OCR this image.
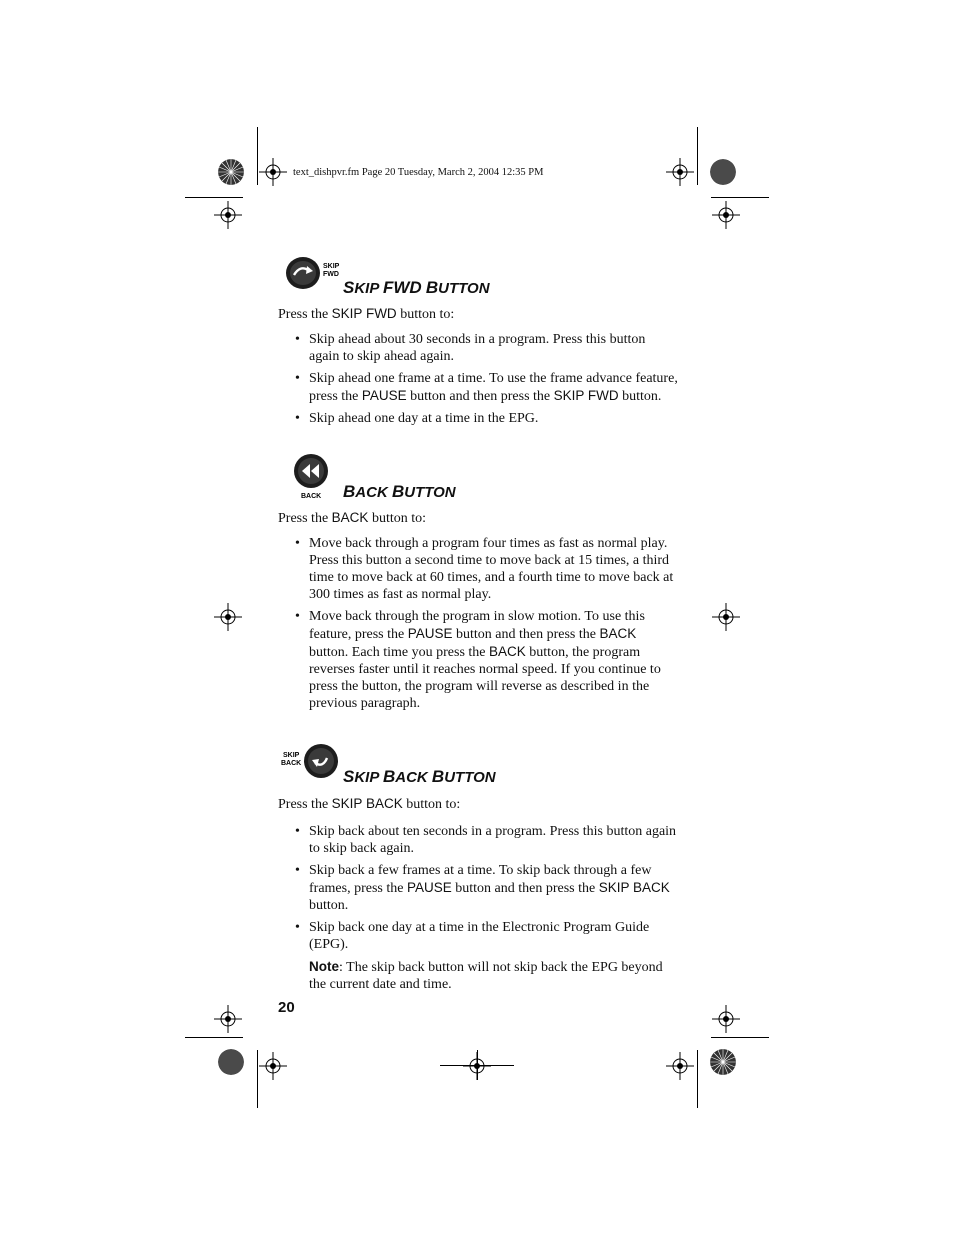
text_dishpvr.fm Page 20 Tuesday, March 2, 2004 12:35 PM
SKIP
FWD
SKIP FWD BUTTON
Press the SKIP FWD button to:
• Skip ahead about 30 seconds in a program. Press this button again to skip ahead again.
• Skip ahead one frame at a time. To use the frame advance feature, press the PAUSE button and then press the SKIP FWD button.
• Skip ahead one day at a time in the EPG.
BACK BACK BUTTON
Press the BACK button to:
• Move back through a program four times as fast as normal play. Press this button a second time to move back at 15 times, a third time to move back at 60 times, and a fourth time to move back at 300 times as fast as normal play.
• Move back through the program in slow motion. To use this feature, press the PAUSE button and then press the BACK button. Each time you press the BACK button, the program reverses faster until it reaches normal speed. If you continue to press the button, the program will reverse as described in the previous paragraph.
SKIP
BACK
SKIP BACK BUTTON
Press the SKIP BACK button to:
• Skip back about ten seconds in a program. Press this button again to skip back again.
• Skip back a few frames at a time. To skip back through a few frames, press the PAUSE button and then press the SKIP BACK button.
• Skip back one day at a time in the Electronic Program Guide (EPG).
Note: The skip back button will not skip back the EPG beyond the current date and time.
20
